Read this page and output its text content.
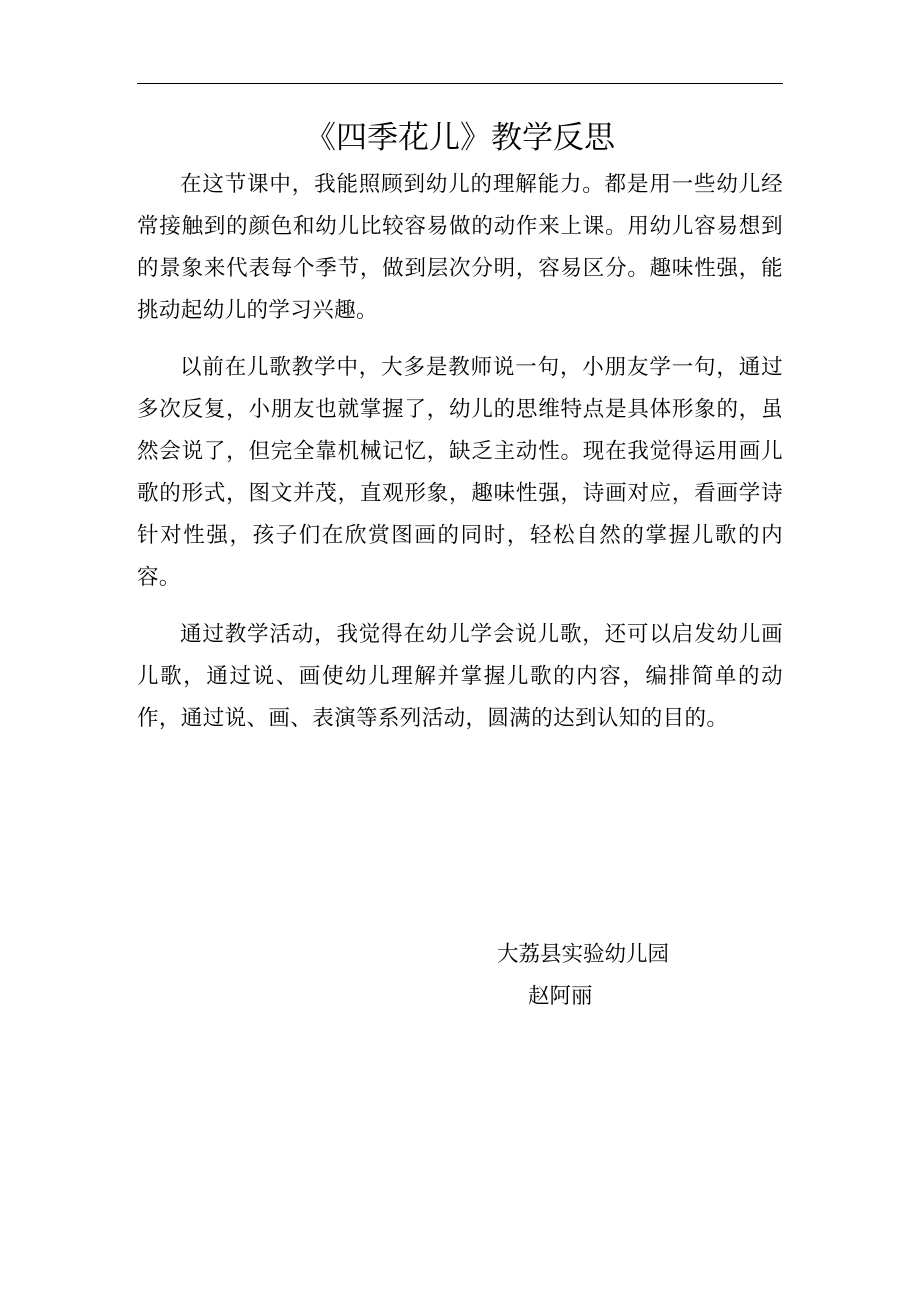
《四季花儿》教学反思

在这节课中，我能照顾到幼儿的理解能力。都是用一些幼儿经常接触到的颜色和幼儿比较容易做的动作来上课。用幼儿容易想到的景象来代表每个季节，做到层次分明，容易区分。趣味性强，能挑动起幼儿的学习兴趣。

以前在儿歌教学中，大多是教师说一句，小朋友学一句，通过多次反复，小朋友也就掌握了，幼儿的思维特点是具体形象的，虽然会说了，但完全靠机械记忆，缺乏主动性。现在我觉得运用画儿歌的形式，图文并茂，直观形象，趣味性强，诗画对应，看画学诗针对性强，孩子们在欣赏图画的同时，轻松自然的掌握儿歌的内容。

通过教学活动，我觉得在幼儿学会说儿歌，还可以启发幼儿画儿歌，通过说、画使幼儿理解并掌握儿歌的内容，编排简单的动作，通过说、画、表演等系列活动，圆满的达到认知的目的。

大荔县实验幼儿园

赵阿丽
